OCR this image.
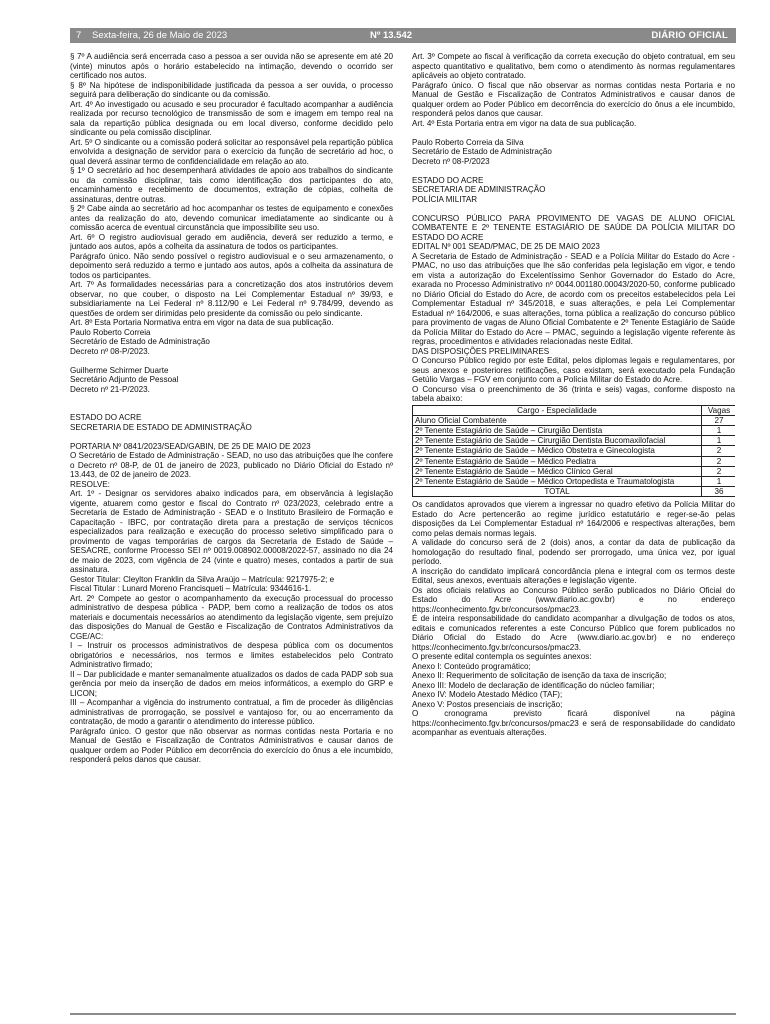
7	Sexta-feira, 26 de Maio de 2023	Nº 13.542	DIÁRIO OFICIAL

§ 7º A audiência será encerrada caso a pessoa a ser ouvida não se apresente em até 20 (vinte) minutos após o horário estabelecido na intimação, devendo o ocorrido ser certificado nos autos.

§ 8º Na hipótese de indisponibilidade justificada da pessoa a ser ouvida, o processo seguirá para deliberação do sindicante ou da comissão.

Art. 4º Ao investigado ou acusado e seu procurador é facultado acompanhar a audiência realizada por recurso tecnológico de transmissão de som e imagem em tempo real na sala da repartição pública designada ou em local diverso, conforme decidido pelo sindicante ou pela comissão disciplinar.

Art. 5º O sindicante ou a comissão poderá solicitar ao responsável pela repartição pública envolvida a designação de servidor para o exercício da função de secretário ad hoc, o qual deverá assinar termo de confidencialidade em relação ao ato.

§ 1º O secretário ad hoc desempenhará atividades de apoio aos trabalhos do sindicante ou da comissão disciplinar, tais como identificação dos participantes do ato, encaminhamento e recebimento de documentos, extração de cópias, colheita de assinaturas, dentre outras.

§ 2º Cabe ainda ao secretário ad hoc acompanhar os testes de equipamento e conexões antes da realização do ato, devendo comunicar imediatamente ao sindicante ou à comissão acerca de eventual circunstância que impossibilite seu uso.

Art. 6º O registro audiovisual gerado em audiência, deverá ser reduzido a termo, e juntado aos autos, após a colheita da assinatura de todos os participantes.

Parágrafo único. Não sendo possível o registro audiovisual e o seu armazenamento, o depoimento será reduzido a termo e juntado aos autos, após a colheita da assinatura de todos os participantes.

Art. 7º As formalidades necessárias para a concretização dos atos instrutórios devem observar, no que couber, o disposto na Lei Complementar Estadual nº 39/93, e subsidiariamente na Lei Federal nº 8.112/90 e Lei Federal nº 9.784/99, devendo as questões de ordem ser dirimidas pelo presidente da comissão ou pelo sindicante.

Art. 8º Esta Portaria Normativa entra em vigor na data de sua publicação.

Paulo Roberto Correia
Secretário de Estado de Administração
Decreto nº 08-P/2023.

Guilherme Schirmer Duarte
Secretário Adjunto de Pessoal
Decreto nº 21-P/2023.

ESTADO DO ACRE
SECRETARIA DE ESTADO DE ADMINISTRAÇÃO

PORTARIA Nº 0841/2023/SEAD/GABIN, DE 25 DE MAIO DE 2023

O Secretário de Estado de Administração - SEAD, no uso das atribuições que lhe confere o Decreto nº 08-P, de 01 de janeiro de 2023, publicado no Diário Oficial do Estado nº 13.443, de 02 de janeiro de 2023.

RESOLVE:

Art. 1º - Designar os servidores abaixo indicados para, em observância à legislação vigente, atuarem como gestor e fiscal do Contrato nº 023/2023, celebrado entre a Secretaria de Estado de Administração - SEAD e o Instituto Brasileiro de Formação e Capacitação - IBFC, por contratação direta para a prestação de serviços técnicos especializados para realização e execução do processo seletivo simplificado para o provimento de vagas temporárias de cargos da Secretaria de Estado de Saúde – SESACRE, conforme Processo SEI nº 0019.008902.00008/2022-57, assinado no dia 24 de maio de 2023, com vigência de 24 (vinte e quatro) meses, contados a partir de sua assinatura.

Gestor Titular: Cleylton Franklin da Silva Araújo – Matrícula: 9217975-2; e

Fiscal Titular : Lunard Moreno Francisqueti – Matrícula: 9344616-1.

Art. 2º Compete ao gestor o acompanhamento da execução processual do processo administrativo de despesa pública - PADP, bem como a realização de todos os atos materiais e documentais necessários ao atendimento da legislação vigente, sem prejuízo das disposições do Manual de Gestão e Fiscalização de Contratos Administrativos da CGE/AC:

I – Instruir os processos administrativos de despesa pública com os documentos obrigatórios e necessários, nos termos e limites estabelecidos pelo Contrato Administrativo firmado;

II – Dar publicidade e manter semanalmente atualizados os dados de cada PADP sob sua gerência por meio da inserção de dados em meios informáticos, a exemplo do GRP e LICON;

III – Acompanhar a vigência do instrumento contratual, a fim de proceder às diligências administrativas de prorrogação, se possível e vantajoso for, ou ao encerramento da contratação, de modo a garantir o atendimento do interesse público.

Parágrafo único. O gestor que não observar as normas contidas nesta Portaria e no Manual de Gestão e Fiscalização de Contratos Administrativos e causar danos de qualquer ordem ao Poder Público em decorrência do exercício do ônus a ele incumbido, responderá pelos danos que causar.

Art. 3º Compete ao fiscal à verificação da correta execução do objeto contratual, em seu aspecto quantitativo e qualitativo, bem como o atendimento às normas regulamentares aplicáveis ao objeto contratado.

Parágrafo único. O fiscal que não observar as normas contidas nesta Portaria e no Manual de Gestão e Fiscalização de Contratos Administrativos e causar danos de qualquer ordem ao Poder Público em decorrência do exercício do ônus a ele incumbido, responderá pelos danos que causar.

Art. 4º Esta Portaria entra em vigor na data de sua publicação.

Paulo Roberto Correia da Silva
Secretário de Estado de Administração
Decreto nº 08-P/2023

ESTADO DO ACRE
SECRETARIA DE ADMINISTRAÇÃO
POLÍCIA MILITAR

CONCURSO PÚBLICO PARA PROVIMENTO DE VAGAS DE ALUNO OFICIAL COMBATENTE E 2º TENENTE ESTAGIÁRIO DE SAÚDE DA POLÍCIA MILITAR DO ESTADO DO ACRE

EDITAL Nº 001 SEAD/PMAC, DE 25 DE MAIO 2023

A Secretaria de Estado de Administração - SEAD e a Polícia Militar do Estado do Acre - PMAC, no uso das atribuições que lhe são conferidas pela legislação em vigor, e tendo em vista a autorização do Excelentíssimo Senhor Governador do Estado do Acre, exarada no Processo Administrativo nº 0044.001180.00043/2020-50, conforme publicado no Diário Oficial do Estado do Acre, de acordo com os preceitos estabelecidos pela Lei Complementar Estadual nº 345/2018, e suas alterações, e pela Lei Complementar Estadual nº 164/2006, e suas alterações, torna pública a realização do concurso público para provimento de vagas de Aluno Oficial Combatente e 2º Tenente Estagiário de Saúde da Polícia Militar do Estado do Acre – PMAC, seguindo a legislação vigente referente às regras, procedimentos e atividades relacionadas neste Edital.

DAS DISPOSIÇÕES PRELIMINARES

O Concurso Público regido por este Edital, pelos diplomas legais e regulamentares, por seus anexos e posteriores retificações, caso existam, será executado pela Fundação Getúlio Vargas – FGV em conjunto com a Polícia Militar do Estado do Acre.

O Concurso visa o preenchimento de 36 (trinta e seis) vagas, conforme disposto na tabela abaixo:

Cargo - Especialidade	Vagas
Aluno Oficial Combatente	27
2º Tenente Estagiário de Saúde – Cirurgião Dentista	1
2º Tenente Estagiário de Saúde – Cirurgião Dentista Bucomaxilofacial	1
2º Tenente Estagiário de Saúde – Médico Obstetra e Ginecologista	2
2º Tenente Estagiário de Saúde – Médico Pediatra	2
2º Tenente Estagiário de Saúde – Médico Clínico Geral	2
2º Tenente Estagiário de Saúde – Médico Ortopedista e Traumatologista	1
TOTAL	36

Os candidatos aprovados que vierem a ingressar no quadro efetivo da Polícia Militar do Estado do Acre pertencerão ao regime jurídico estatutário e reger-se-ão pelas disposições da Lei Complementar Estadual nº 164/2006 e respectivas alterações, bem como pelas demais normas legais.

A validade do concurso será de 2 (dois) anos, a contar da data de publicação da homologação do resultado final, podendo ser prorrogado, uma única vez, por igual período.

A inscrição do candidato implicará concordância plena e integral com os termos deste Edital, seus anexos, eventuais alterações e legislação vigente.

Os atos oficiais relativos ao Concurso Público serão publicados no Diário Oficial do Estado do Acre (www.diario.ac.gov.br) e no endereço https://conhecimento.fgv.br/concursos/pmac23.

É de inteira responsabilidade do candidato acompanhar a divulgação de todos os atos, editais e comunicados referentes a este Concurso Público que forem publicados no Diário Oficial do Estado do Acre (www.diario.ac.gov.br) e no endereço https://conhecimento.fgv.br/concursos/pmac23.

O presente edital contempla os seguintes anexos:

Anexo I: Conteúdo programático;

Anexo II: Requerimento de solicitação de isenção da taxa de inscrição;

Anexo III: Modelo de declaração de identificação do núcleo familiar;

Anexo IV: Modelo Atestado Médico (TAF);

Anexo V: Postos presenciais de inscrição;

O cronograma previsto ficará disponível na página https://conhecimento.fgv.br/concursos/pmac23 e será de responsabilidade do candidato acompanhar as eventuais alterações.
